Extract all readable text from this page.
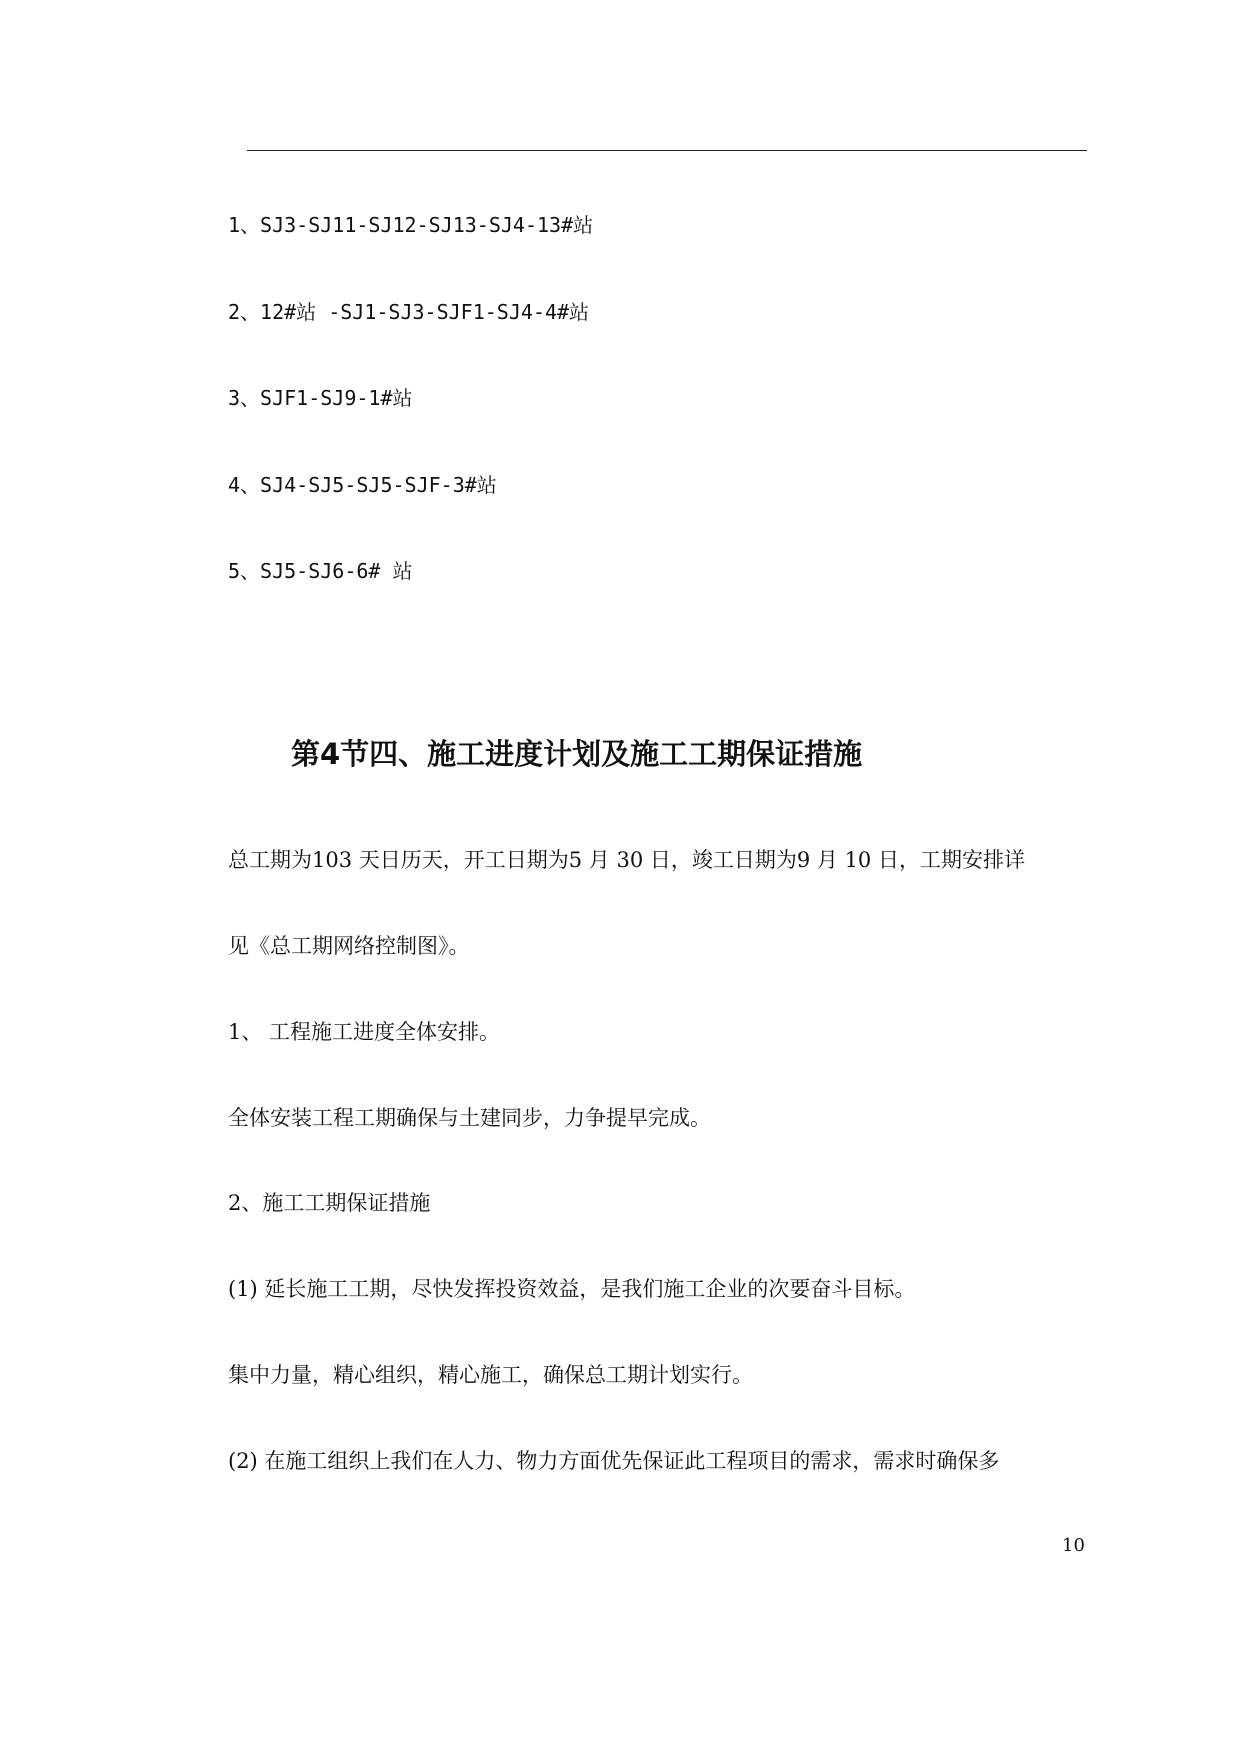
1、SJ3-SJ11-SJ12-SJ13-SJ4-13#站
2、12#站 -SJ1-SJ3-SJF1-SJ4-4#站
3、SJF1-SJ9-1#站
4、SJ4-SJ5-SJ5-SJF-3#站
5、SJ5-SJ6-6# 站
第4节四、施工进度计划及施工工期保证措施
总工期为103 天日历天，开工日期为5 月 30 日，竣工日期为9 月 10 日，工期安排详
见《总工期网络控制图》。
1、 工程施工进度全体安排。
全体安装工程工期确保与土建同步，力争提早完成。
2、施工工期保证措施
(1) 延长施工工期，尽快发挥投资效益，是我们施工企业的次要奋斗目标。
集中力量，精心组织，精心施工，确保总工期计划实行。
(2) 在施工组织上我们在人力、物力方面优先保证此工程项目的需求，需求时确保多
10
